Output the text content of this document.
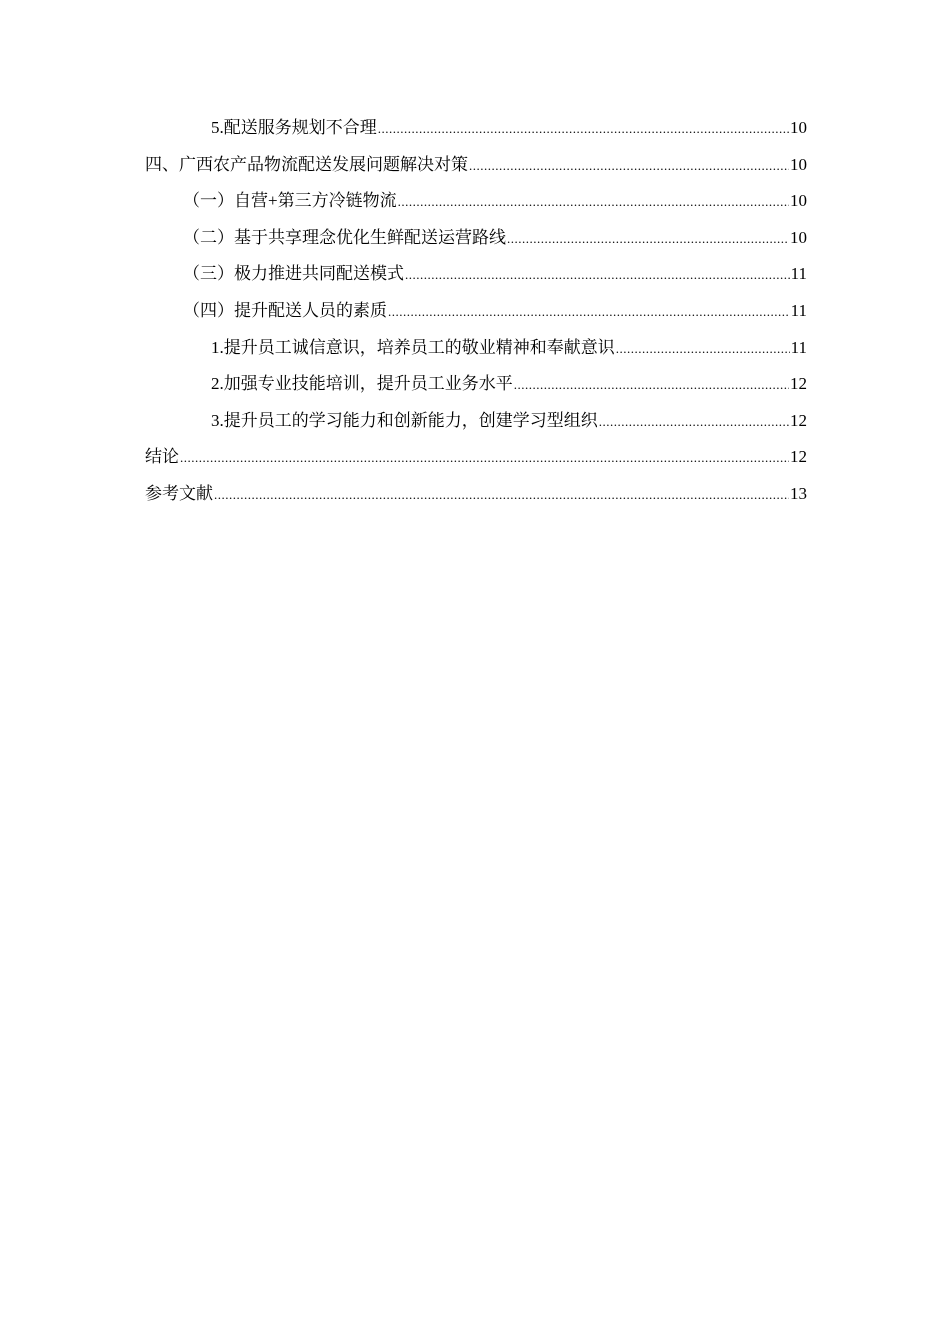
5.配送服务规划不合理 .....	10
四、广西农产品物流配送发展问题解决对策 .....	10
（一）自营+第三方冷链物流 .....	10
（二）基于共享理念优化生鲜配送运营路线 .....	10
（三）极力推进共同配送模式 .....	11
（四）提升配送人员的素质 .....	11
1.提升员工诚信意识，培养员工的敬业精神和奉献意识 .....	11
2.加强专业技能培训，提升员工业务水平 .....	12
3.提升员工的学习能力和创新能力，创建学习型组织 .....	12
结论 .....	12
参考文献 .....	13
